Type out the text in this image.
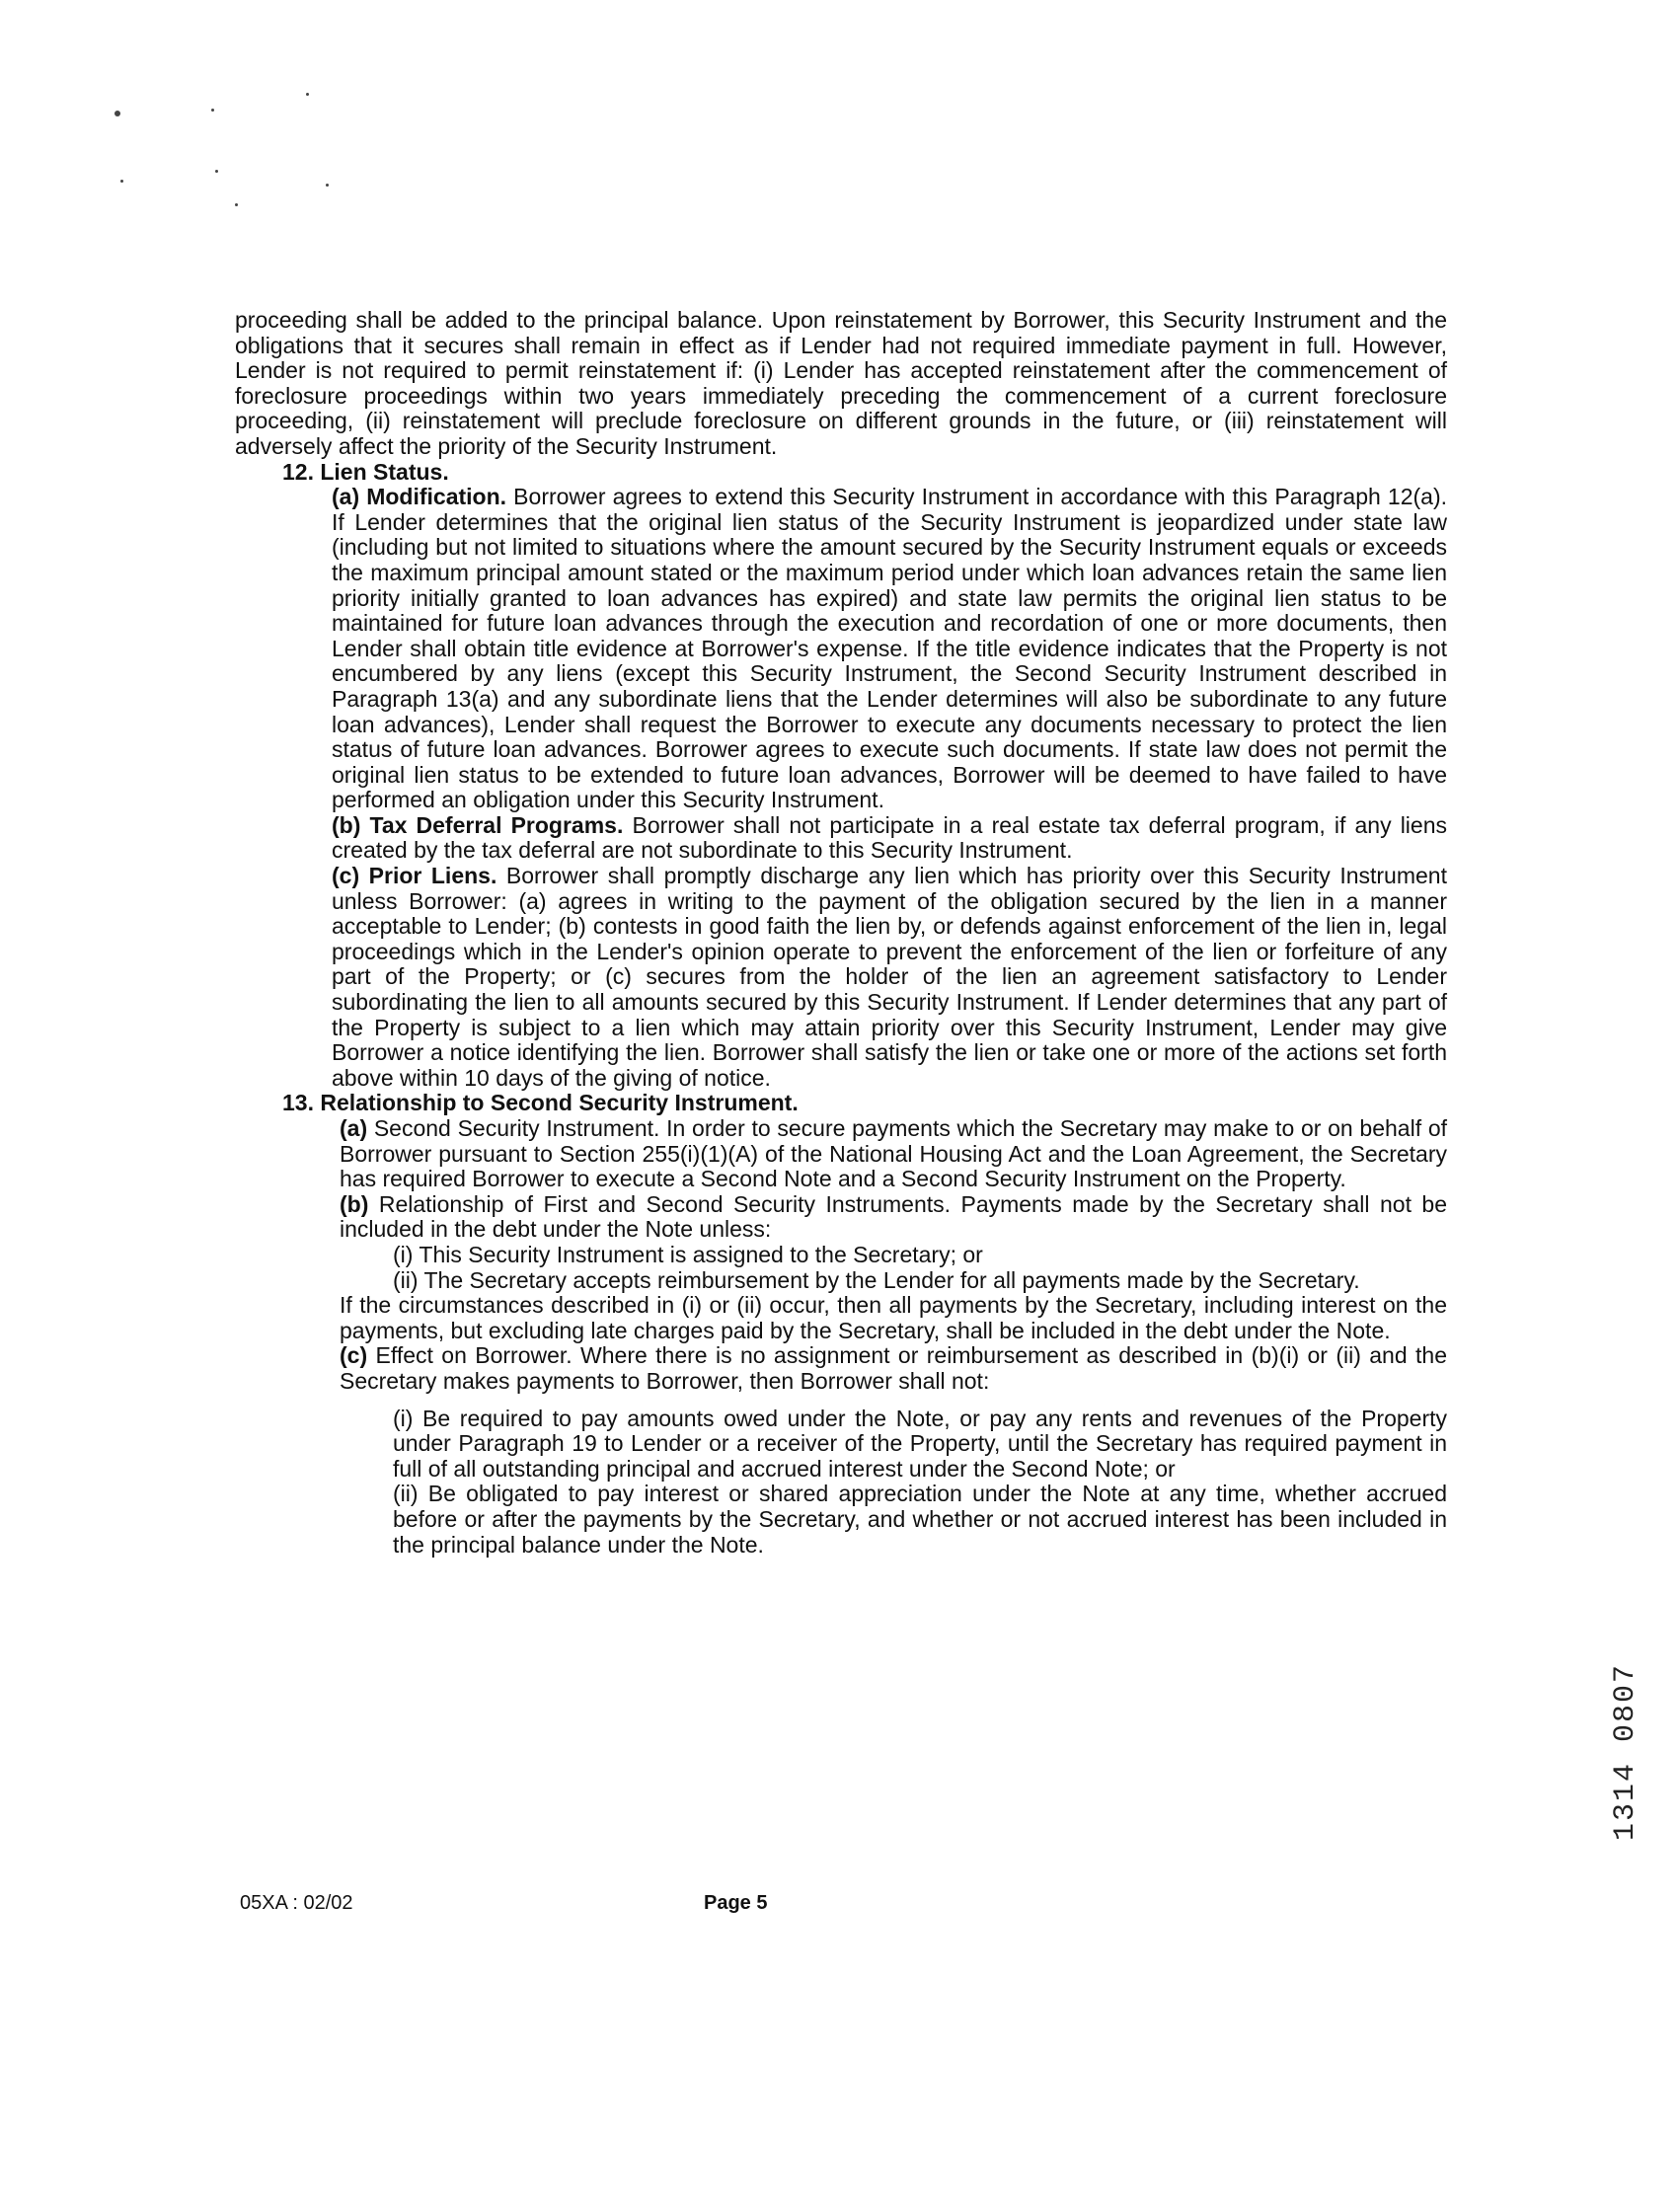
proceeding shall be added to the principal balance. Upon reinstatement by Borrower, this Security Instrument and the obligations that it secures shall remain in effect as if Lender had not required immediate payment in full. However, Lender is not required to permit reinstatement if: (i) Lender has accepted reinstatement after the commencement of foreclosure proceedings within two years immediately preceding the commencement of a current foreclosure proceeding, (ii) reinstatement will preclude foreclosure on different grounds in the future, or (iii) reinstatement will adversely affect the priority of the Security Instrument.

12. Lien Status.

(a) Modification. Borrower agrees to extend this Security Instrument in accordance with this Paragraph 12(a). If Lender determines that the original lien status of the Security Instrument is jeopardized under state law (including but not limited to situations where the amount secured by the Security Instrument equals or exceeds the maximum principal amount stated or the maximum period under which loan advances retain the same lien priority initially granted to loan advances has expired) and state law permits the original lien status to be maintained for future loan advances through the execution and recordation of one or more documents, then Lender shall obtain title evidence at Borrower's expense. If the title evidence indicates that the Property is not encumbered by any liens (except this Security Instrument, the Second Security Instrument described in Paragraph 13(a) and any subordinate liens that the Lender determines will also be subordinate to any future loan advances), Lender shall request the Borrower to execute any documents necessary to protect the lien status of future loan advances. Borrower agrees to execute such documents. If state law does not permit the original lien status to be extended to future loan advances, Borrower will be deemed to have failed to have performed an obligation under this Security Instrument.

(b) Tax Deferral Programs. Borrower shall not participate in a real estate tax deferral program, if any liens created by the tax deferral are not subordinate to this Security Instrument.

(c) Prior Liens. Borrower shall promptly discharge any lien which has priority over this Security Instrument unless Borrower: (a) agrees in writing to the payment of the obligation secured by the lien in a manner acceptable to Lender; (b) contests in good faith the lien by, or defends against enforcement of the lien in, legal proceedings which in the Lender's opinion operate to prevent the enforcement of the lien or forfeiture of any part of the Property; or (c) secures from the holder of the lien an agreement satisfactory to Lender subordinating the lien to all amounts secured by this Security Instrument. If Lender determines that any part of the Property is subject to a lien which may attain priority over this Security Instrument, Lender may give Borrower a notice identifying the lien. Borrower shall satisfy the lien or take one or more of the actions set forth above within 10 days of the giving of notice.

13. Relationship to Second Security Instrument.

(a) Second Security Instrument. In order to secure payments which the Secretary may make to or on behalf of Borrower pursuant to Section 255(i)(1)(A) of the National Housing Act and the Loan Agreement, the Secretary has required Borrower to execute a Second Note and a Second Security Instrument on the Property.

(b) Relationship of First and Second Security Instruments. Payments made by the Secretary shall not be included in the debt under the Note unless:

(i) This Security Instrument is assigned to the Secretary; or

(ii) The Secretary accepts reimbursement by the Lender for all payments made by the Secretary.

If the circumstances described in (i) or (ii) occur, then all payments by the Secretary, including interest on the payments, but excluding late charges paid by the Secretary, shall be included in the debt under the Note.

(c) Effect on Borrower. Where there is no assignment or reimbursement as described in (b)(i) or (ii) and the Secretary makes payments to Borrower, then Borrower shall not:

(i) Be required to pay amounts owed under the Note, or pay any rents and revenues of the Property under Paragraph 19 to Lender or a receiver of the Property, until the Secretary has required payment in full of all outstanding principal and accrued interest under the Second Note; or

(ii) Be obligated to pay interest or shared appreciation under the Note at any time, whether accrued before or after the payments by the Secretary, and whether or not accrued interest has been included in the principal balance under the Note.

05XA : 02/02	Page 5
1314 0807
